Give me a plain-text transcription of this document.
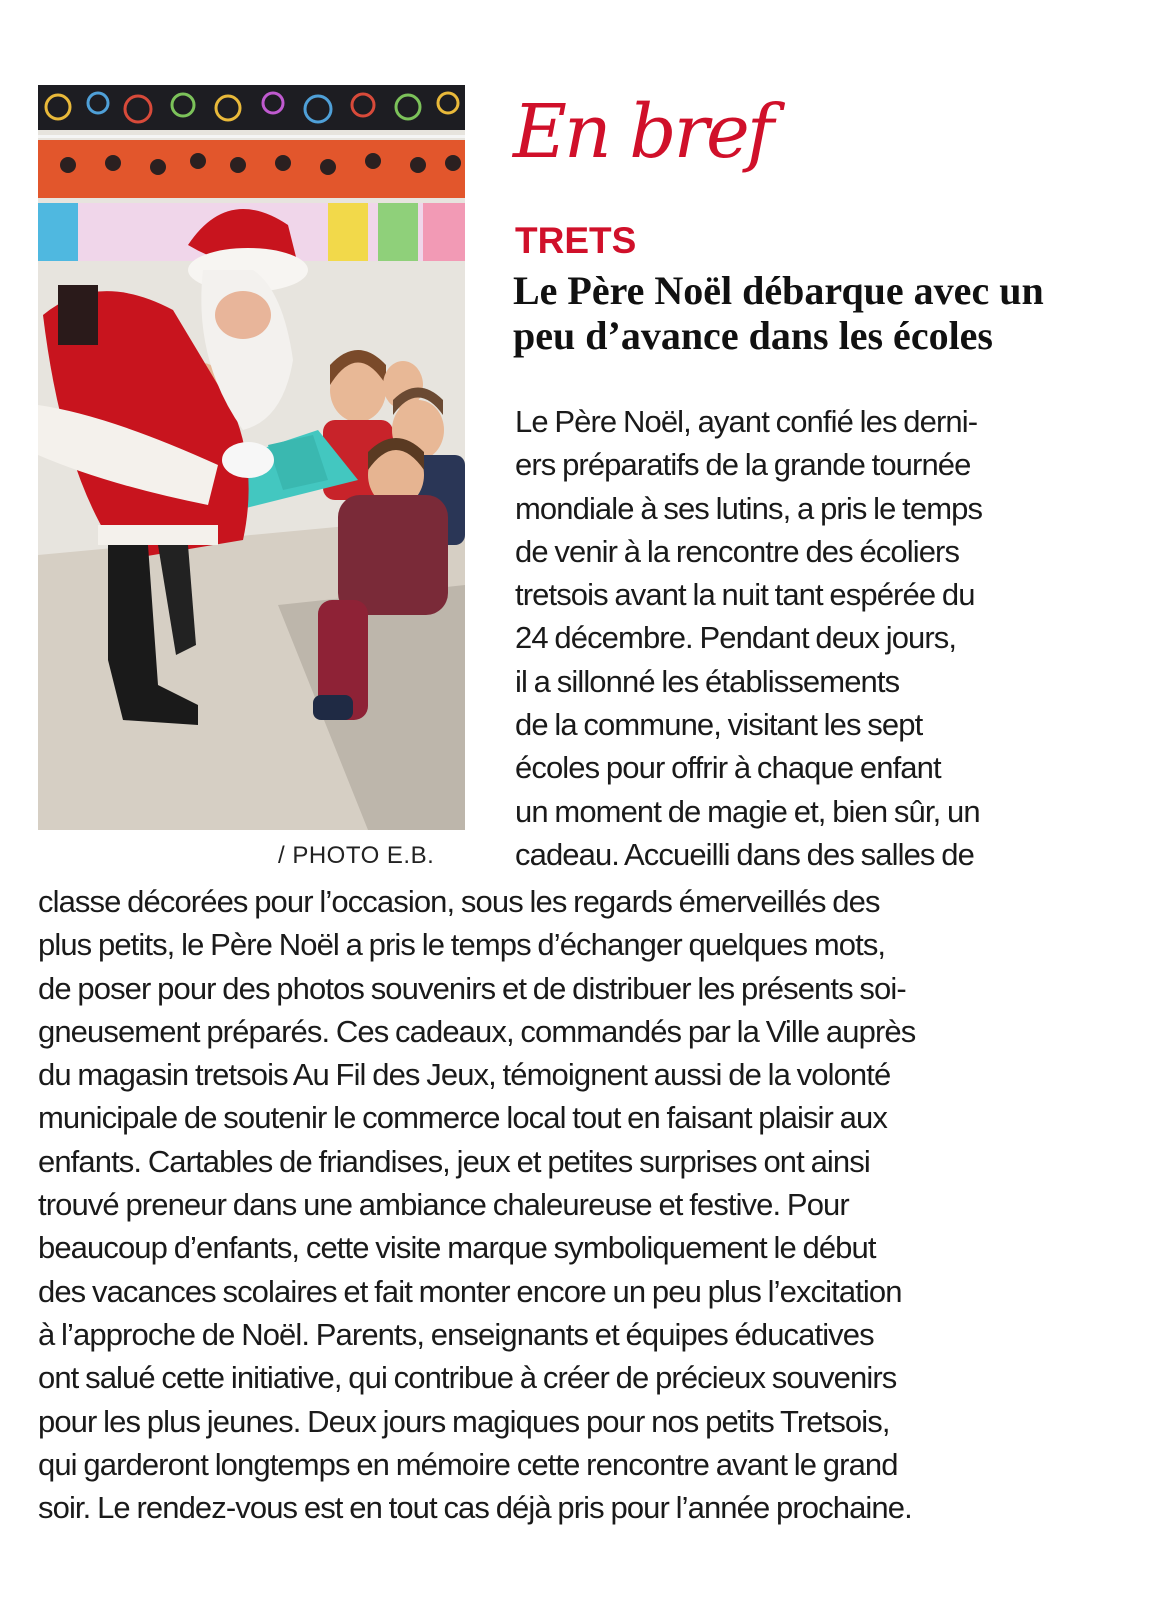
/ PHOTO E.B.
En bref
TRETS
Le Père Noël débarque avec un peu d’avance dans les écoles

Le Père Noël, ayant confié les derni-
ers préparatifs de la grande tournée
mondiale à ses lutins, a pris le temps
de venir à la rencontre des écoliers
tretsois avant la nuit tant espérée du
24 décembre. Pendant deux jours,
il a sillonné les établissements
de la commune, visitant les sept
écoles pour offrir à chaque enfant
un moment de magie et, bien sûr, un
cadeau. Accueilli dans des salles de

classe décorées pour l’occasion, sous les regards émerveillés des
plus petits, le Père Noël a pris le temps d’échanger quelques mots,
de poser pour des photos souvenirs et de distribuer les présents soi-
gneusement préparés. Ces cadeaux, commandés par la Ville auprès
du magasin tretsois Au Fil des Jeux, témoignent aussi de la volonté
municipale de soutenir le commerce local tout en faisant plaisir aux
enfants. Cartables de friandises, jeux et petites surprises ont ainsi
trouvé preneur dans une ambiance chaleureuse et festive. Pour
beaucoup d’enfants, cette visite marque symboliquement le début
des vacances scolaires et fait monter encore un peu plus l’excitation
à l’approche de Noël. Parents, enseignants et équipes éducatives
ont salué cette initiative, qui contribue à créer de précieux souvenirs
pour les plus jeunes. Deux jours magiques pour nos petits Tretsois,
qui garderont longtemps en mémoire cette rencontre avant le grand
soir. Le rendez-vous est en tout cas déjà pris pour l’année prochaine.
